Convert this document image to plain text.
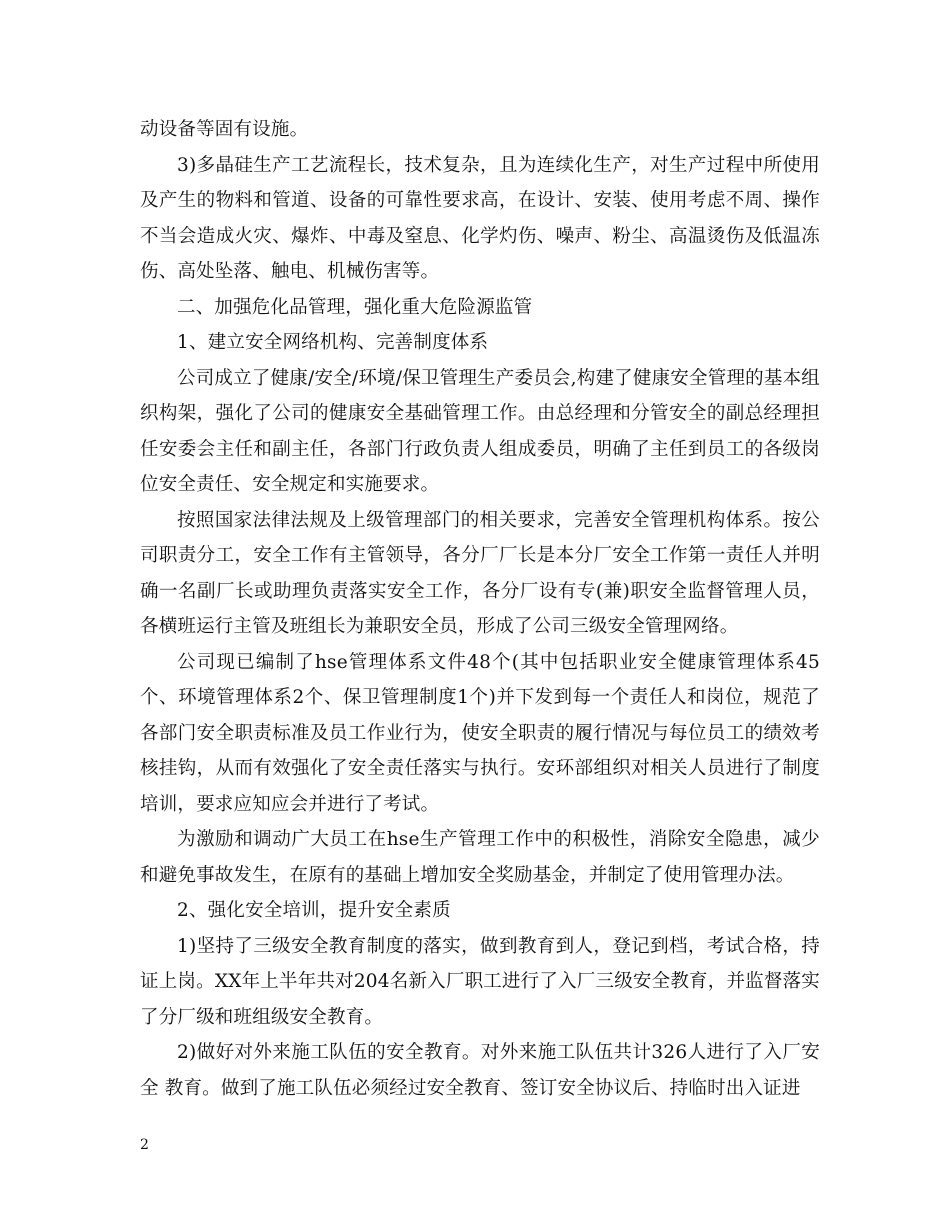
动设备等固有设施。

3)多晶硅生产工艺流程长，技术复杂，且为连续化生产，对生产过程中所使用及产生的物料和管道、设备的可靠性要求高，在设计、安装、使用考虑不周、操作不当会造成火灾、爆炸、中毒及窒息、化学灼伤、噪声、粉尘、高温烫伤及低温冻伤、高处坠落、触电、机械伤害等。

二、加强危化品管理，强化重大危险源监管

1、建立安全网络机构、完善制度体系

公司成立了健康/安全/环境/保卫管理生产委员会,构建了健康安全管理的基本组织构架，强化了公司的健康安全基础管理工作。由总经理和分管安全的副总经理担任安委会主任和副主任，各部门行政负责人组成委员，明确了主任到员工的各级岗位安全责任、安全规定和实施要求。

按照国家法律法规及上级管理部门的相关要求，完善安全管理机构体系。按公司职责分工，安全工作有主管领导，各分厂厂长是本分厂安全工作第一责任人并明确一名副厂长或助理负责落实安全工作，各分厂设有专(兼)职安全监督管理人员，各横班运行主管及班组长为兼职安全员，形成了公司三级安全管理网络。

公司现已编制了hse管理体系文件48个(其中包括职业安全健康管理体系45个、环境管理体系2个、保卫管理制度1个)并下发到每一个责任人和岗位，规范了各部门安全职责标准及员工作业行为，使安全职责的履行情况与每位员工的绩效考核挂钩，从而有效强化了安全责任落实与执行。安环部组织对相关人员进行了制度培训，要求应知应会并进行了考试。

为激励和调动广大员工在hse生产管理工作中的积极性，消除安全隐患，减少和避免事故发生，在原有的基础上增加安全奖励基金，并制定了使用管理办法。

2、强化安全培训，提升安全素质

1)坚持了三级安全教育制度的落实，做到教育到人，登记到档，考试合格，持证上岗。XX年上半年共对204名新入厂职工进行了入厂三级安全教育，并监督落实了分厂级和班组级安全教育。

2)做好对外来施工队伍的安全教育。对外来施工队伍共计326人进行了入厂安全 教育。做到了施工队伍必须经过安全教育、签订安全协议后、持临时出入证进

2
